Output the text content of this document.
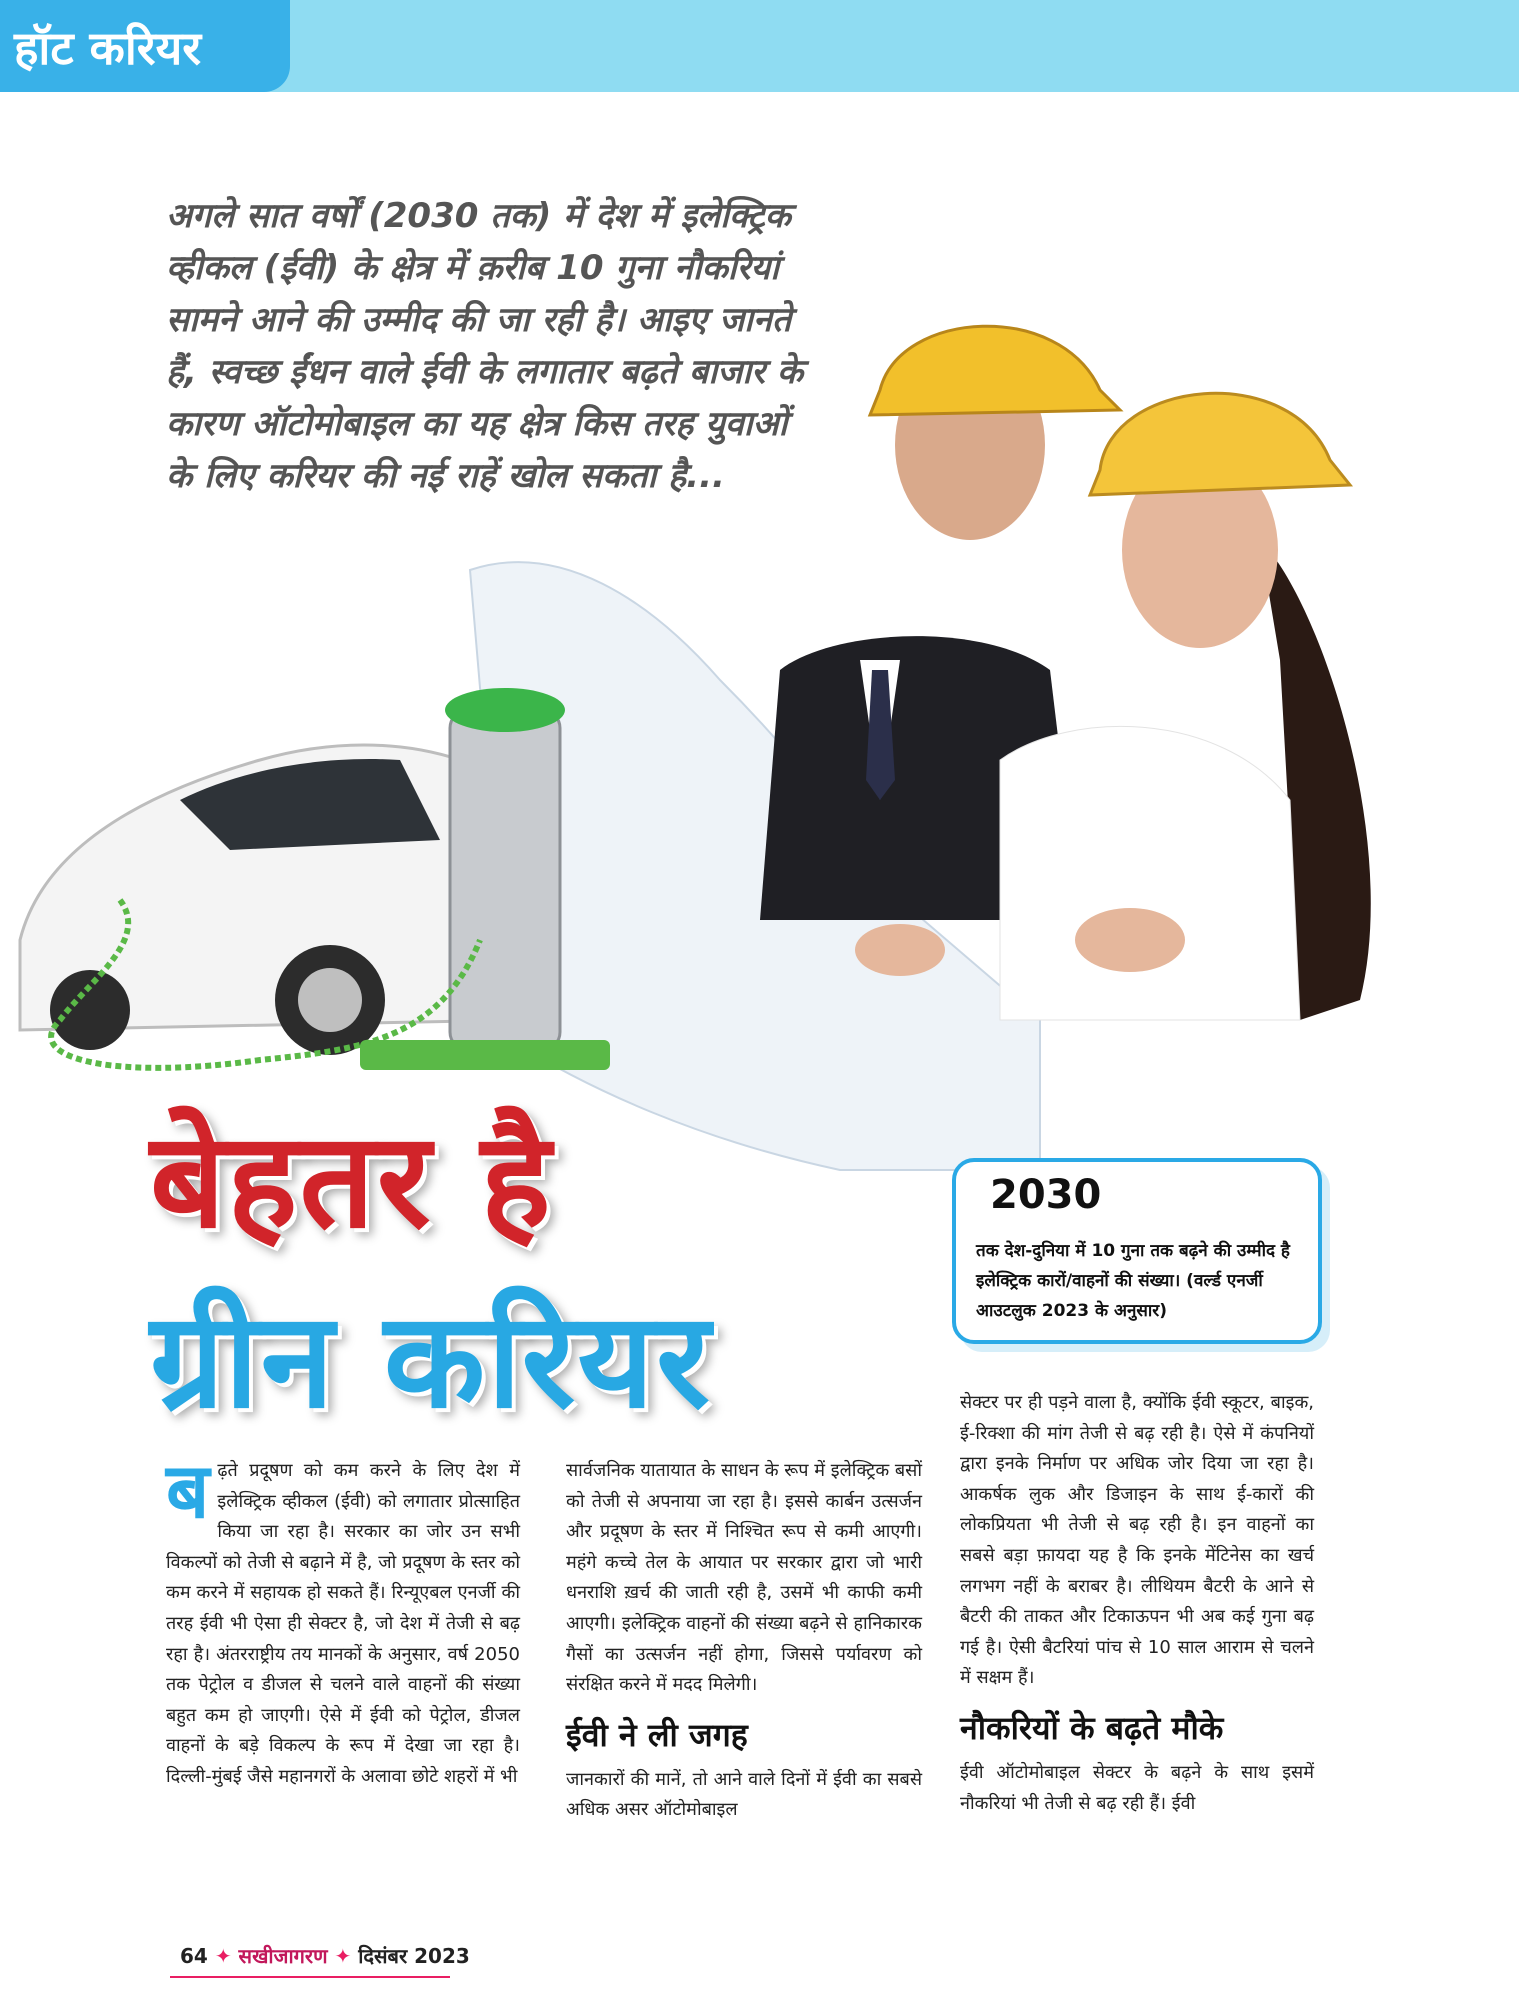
हॉट करियर
अगले सात वर्षों (2030 तक) में देश में इलेक्ट्रिक व्हीकल (ईवी) के क्षेत्र में क़रीब 10 गुना नौकरियां सामने आने की उम्मीद की जा रही है। आइए जानते हैं, स्वच्छ ईंधन वाले ईवी के लगातार बढ़ते बाजार के कारण ऑटोमोबाइल का यह क्षेत्र किस तरह युवाओं के लिए करियर की नई राहें खोल सकता है...
बेहतर है
ग्रीन करियर
2030
तक देश-दुनिया में 10 गुना तक बढ़ने की उम्मीद है इलेक्ट्रिक कारों/वाहनों की संख्या। (वर्ल्ड एनर्जी आउटलुक 2023 के अनुसार)
ब ढ़ते प्रदूषण को कम करने के लिए देश में इलेक्ट्रिक व्हीकल (ईवी) को लगातार प्रोत्साहित किया जा रहा है। सरकार का जोर उन सभी विकल्पों को तेजी से बढ़ाने में है, जो प्रदूषण के स्तर को कम करने में सहायक हो सकते हैं। रिन्यूएबल एनर्जी की तरह ईवी भी ऐसा ही सेक्टर है, जो देश में तेजी से बढ़ रहा है। अंतरराष्ट्रीय तय मानकों के अनुसार, वर्ष 2050 तक पेट्रोल व डीजल से चलने वाले वाहनों की संख्या बहुत कम हो जाएगी। ऐसे में ईवी को पेट्रोल, डीजल वाहनों के बड़े विकल्प के रूप में देखा जा रहा है। दिल्ली-मुंबई जैसे महानगरों के अलावा छोटे शहरों में भी

सार्वजनिक यातायात के साधन के रूप में इलेक्ट्रिक बसों को तेजी से अपनाया जा रहा है। इससे कार्बन उत्सर्जन और प्रदूषण के स्तर में निश्चित रूप से कमी आएगी। महंगे कच्चे तेल के आयात पर सरकार द्वारा जो भारी धनराशि ख़र्च की जाती रही है, उसमें भी काफी कमी आएगी। इलेक्ट्रिक वाहनों की संख्या बढ़ने से हानिकारक गैसों का उत्सर्जन नहीं होगा, जिससे पर्यावरण को संरक्षित करने में मदद मिलेगी।

ईवी ने ली जगह

जानकारों की मानें, तो आने वाले दिनों में ईवी का सबसे अधिक असर ऑटोमोबाइल

सेक्टर पर ही पड़ने वाला है, क्योंकि ईवी स्कूटर, बाइक, ई-रिक्शा की मांग तेजी से बढ़ रही है। ऐसे में कंपनियों द्वारा इनके निर्माण पर अधिक जोर दिया जा रहा है। आकर्षक लुक और डिजाइन के साथ ई-कारों की लोकप्रियता भी तेजी से बढ़ रही है। इन वाहनों का सबसे बड़ा फ़ायदा यह है कि इनके मेंटिनेस का खर्च लगभग नहीं के बराबर है। लीथियम बैटरी के आने से बैटरी की ताकत और टिकाऊपन भी अब कई गुना बढ़ गई है। ऐसी बैटरियां पांच से 10 साल आराम से चलने में सक्षम हैं।

नौकरियों के बढ़ते मौके

ईवी ऑटोमोबाइल सेक्टर के बढ़ने के साथ इसमें नौकरियां भी तेजी से बढ़ रही हैं। ईवी

64 ✦ सखीजागरण ✦ दिसंबर 2023
